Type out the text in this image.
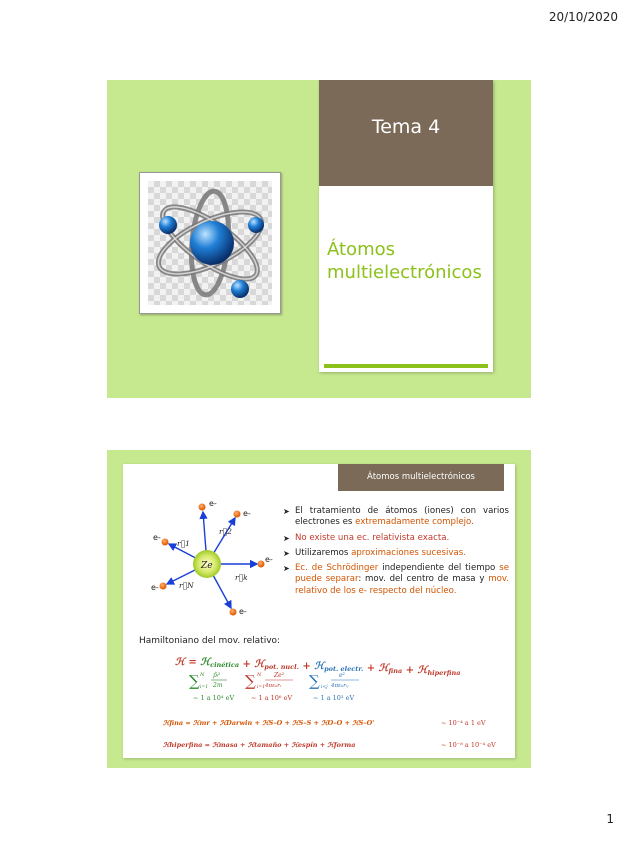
20/10/2020
Tema 4
Átomos
multielectrónicos
Átomos multielectrónicos
Ze
e-
e-
e-
e-
e-
e-
r⃗1
r⃗2
r⃗k
r⃗N
➤ El tratamiento de átomos (iones) con varios electrones es extremadamente complejo.
➤ No existe una ec. relativista exacta.
➤ Utilizaremos aproximaciones sucesivas.
➤ Ec. de Schrödinger independiente del tiempo se puede separar: mov. del centro de masa y mov. relativo de los e- respecto del núcleo.
Hamiltoniano del mov. relativo:
ℋ = ℋ$_{cinética}$ + ℋ$_{pot. nucl.}$ + ℋ$_{pot. electr.}$ + ℋ$_{fina}$ + ℋ$_{hiperfina}$
∑ N
i=1
p̂ᵢ²
2m ∑ N
i=1
Ze²
4πε₀rᵢ ∑ i<j
e²
4πε₀rᵢⱼ
~ 1 a 10⁴ eV	~ 1 a 10⁶ eV	~ 1 a 10³ eV
ℋfina = ℋmr + ℋDarwin + ℋS–O + ℋS–S + ℋO–O + ℋS–O'	~ 10⁻⁴ a 1 eV
ℋhiperfina = ℋmasa + ℋtamaño + ℋespín + ℋforma	~ 10⁻⁸ a 10⁻⁴ eV
1
